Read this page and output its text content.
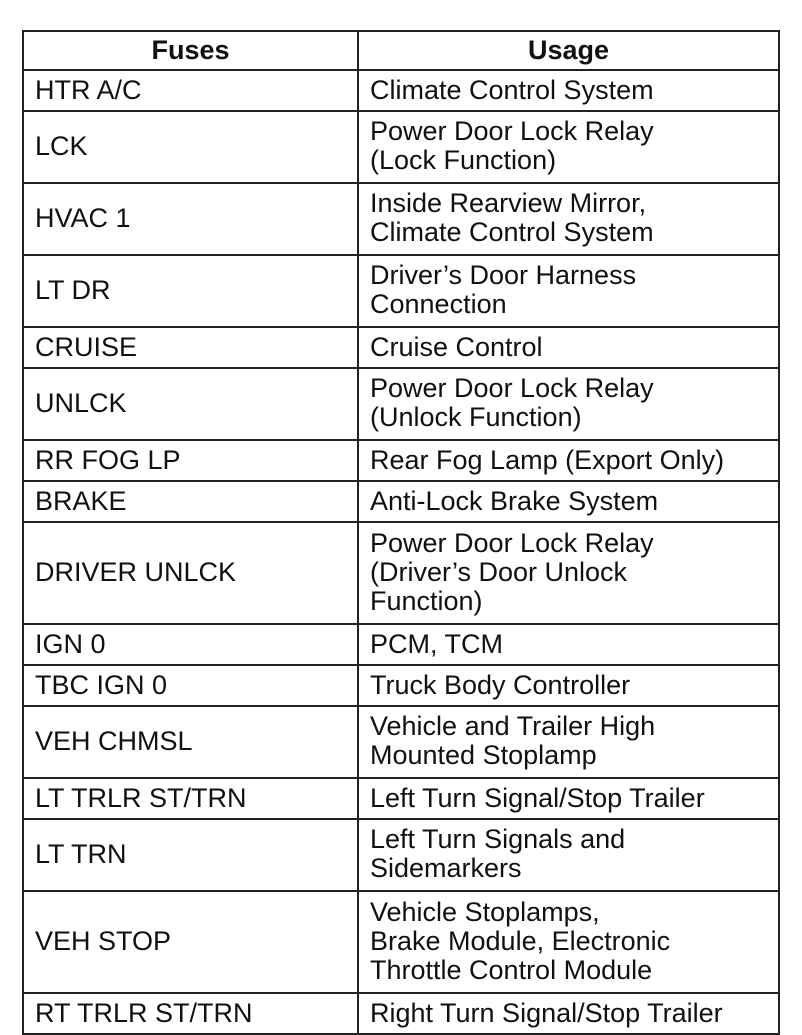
Fuses	Usage
HTR A/C	Climate Control System

LCK	Power Door Lock Relay
(Lock Function)

HVAC 1	Inside Rearview Mirror,
Climate Control System

LT DR	Driver’s Door Harness
Connection

CRUISE	Cruise Control

UNLCK	Power Door Lock Relay
(Unlock Function)

RR FOG LP	Rear Fog Lamp (Export Only)

BRAKE	Anti-Lock Brake System

DRIVER UNLCK	Power Door Lock Relay
(Driver’s Door Unlock
Function)

IGN 0	PCM, TCM

TBC IGN 0	Truck Body Controller

VEH CHMSL	Vehicle and Trailer High
Mounted Stoplamp

LT TRLR ST/TRN	Left Turn Signal/Stop Trailer

LT TRN	Left Turn Signals and
Sidemarkers

VEH STOP	Vehicle Stoplamps,
Brake Module, Electronic
Throttle Control Module

RT TRLR ST/TRN	Right Turn Signal/Stop Trailer
